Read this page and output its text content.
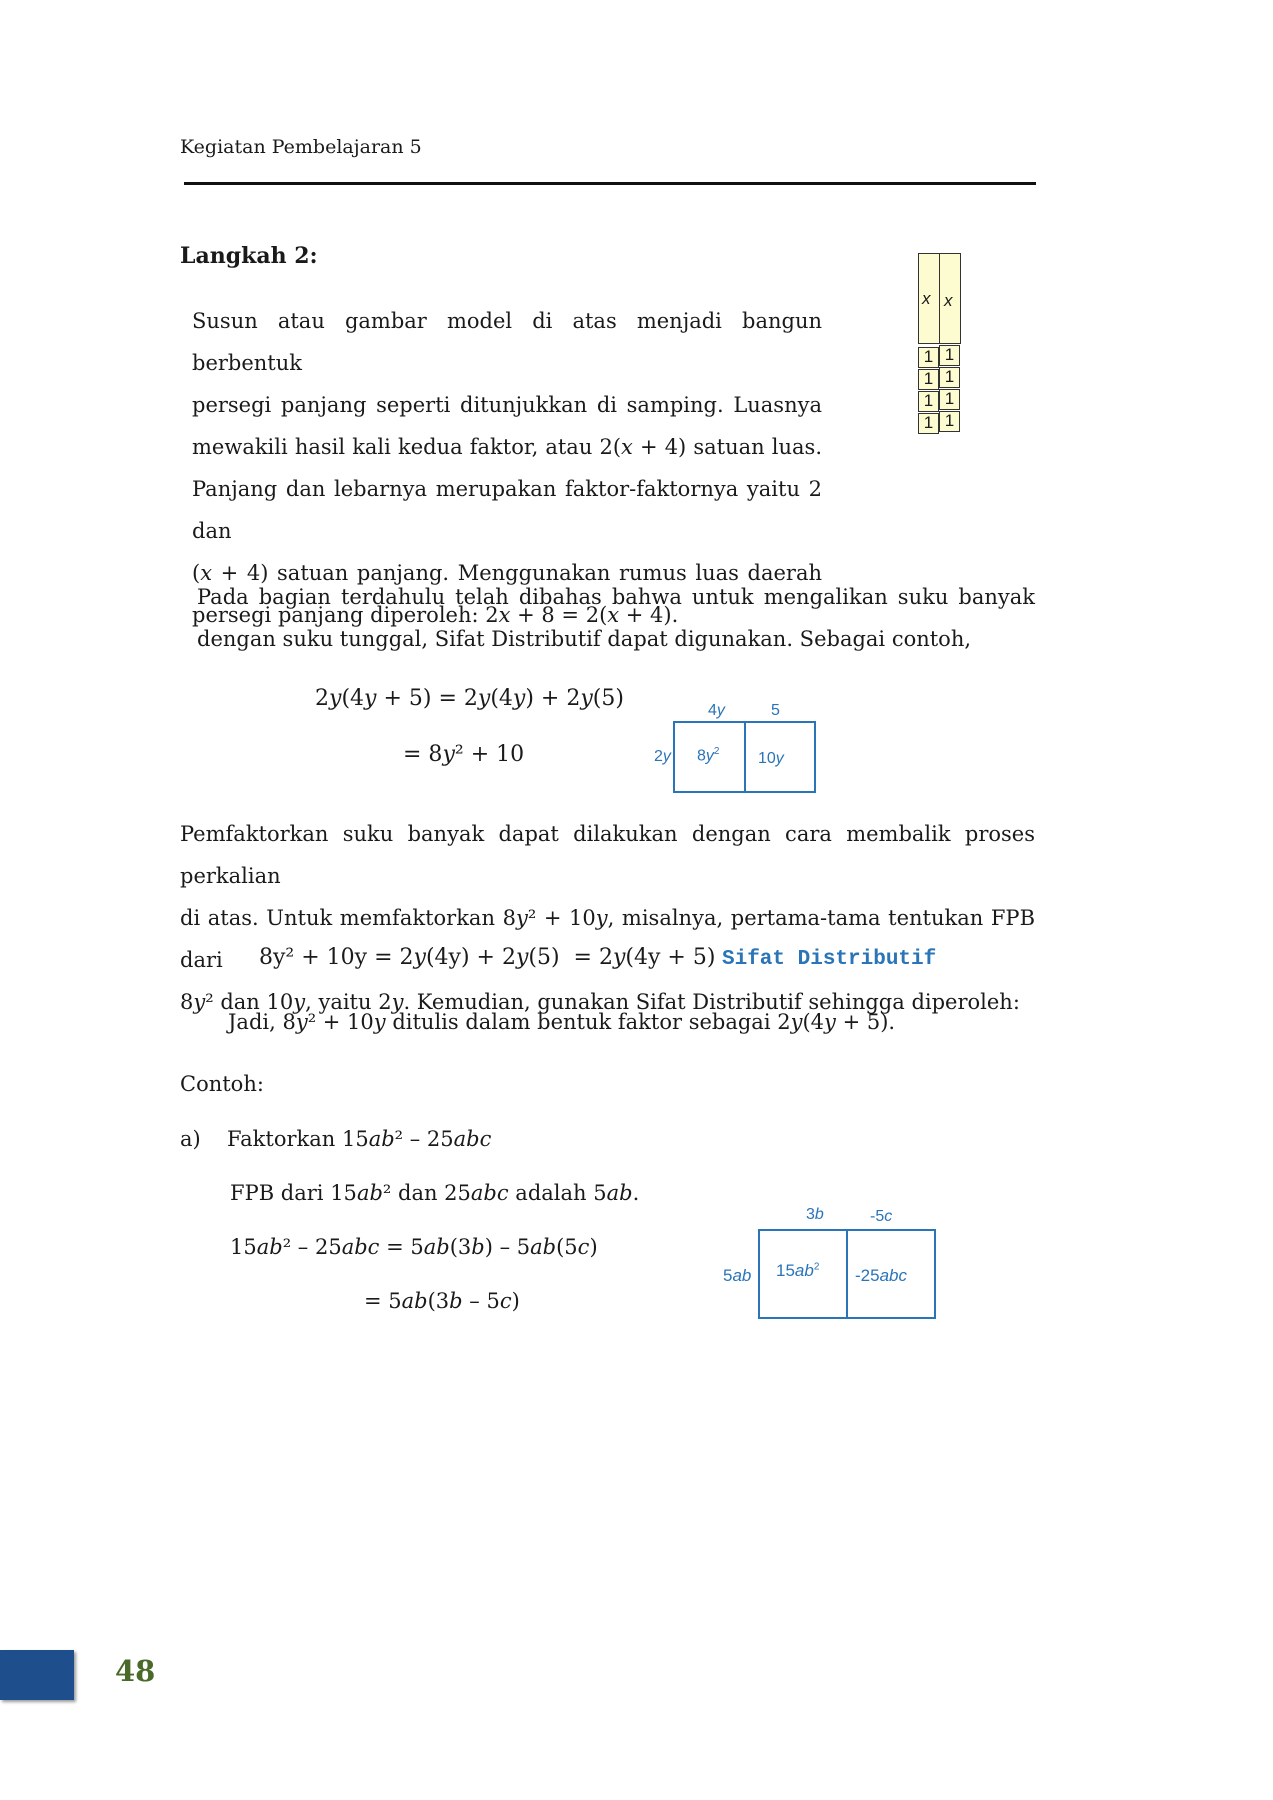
Kegiatan Pembelajaran 5
Langkah 2:
Susun atau gambar model di atas menjadi bangun berbentuk
persegi panjang seperti ditunjukkan di samping. Luasnya
mewakili hasil kali kedua faktor, atau 2(x + 4) satuan luas.
Panjang dan lebarnya merupakan faktor-faktornya yaitu 2 dan
(x + 4) satuan panjang. Menggunakan rumus luas daerah
persegi panjang diperoleh: 2x + 8 = 2(x + 4).
x x
1 1
1 1
1 1
1 1
Pada bagian terdahulu telah dibahas bahwa untuk mengalikan suku banyak
dengan suku tunggal, Sifat Distributif dapat digunakan. Sebagai contoh,
2y(4y + 5) = 2y(4y) + 2y(5)
= 8y² + 10
4y	5
2y $8y^2$ 10y
Pemfaktorkan suku banyak dapat dilakukan dengan cara membalik proses perkalian
di atas. Untuk memfaktorkan 8y² + 10y, misalnya, pertama-tama tentukan FPB dari
8y² dan 10y, yaitu 2y. Kemudian, gunakan Sifat Distributif sehingga diperoleh:
8y² + 10y = 2y(4y) + 2y(5)  = 2y(4y + 5) Sifat Distributif
Jadi, 8y² + 10y ditulis dalam bentuk faktor sebagai 2y(4y + 5).
Contoh:
a) Faktorkan 15ab² – 25abc
FPB dari 15ab² dan 25abc adalah 5ab.
15ab² – 25abc = 5ab(3b) – 5ab(5c)
= 5ab(3b – 5c)
3b	-5c
5ab $15ab^2$ -25abc
48
